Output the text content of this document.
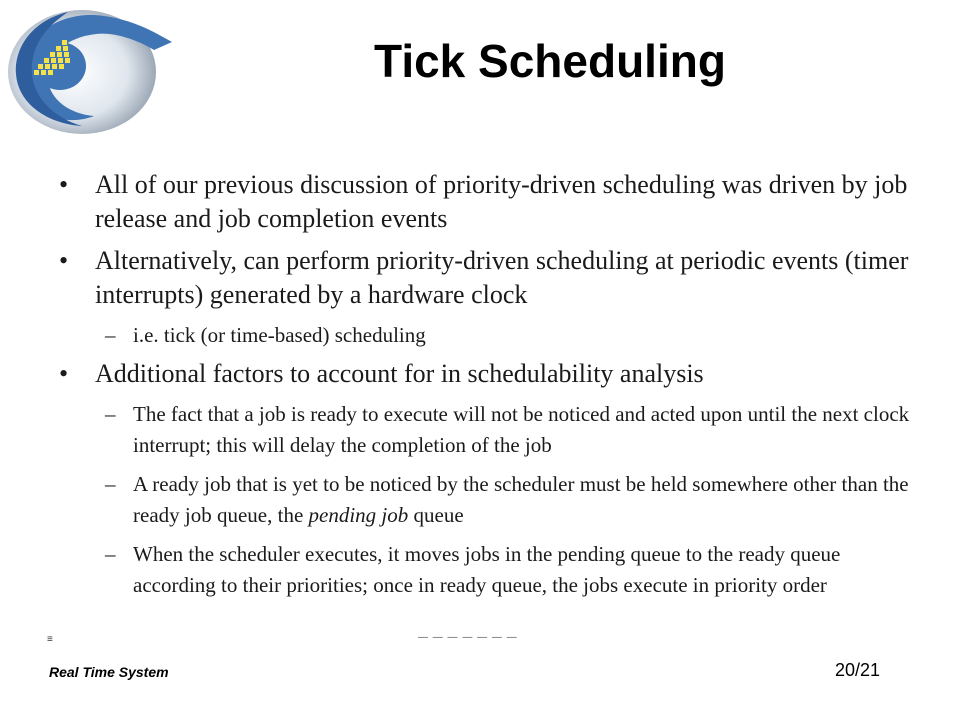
Tick Scheduling
• All of our previous discussion of priority-driven scheduling was driven by job release and job completion events
• Alternatively, can perform priority-driven scheduling at periodic events (timer interrupts) generated by a hardware clock
– i.e. tick (or time-based) scheduling
• Additional factors to account for in schedulability analysis
– The fact that a job is ready to execute will not be noticed and acted upon until the next clock interrupt; this will delay the completion of the job
– A ready job that is yet to be noticed by the scheduler must be held somewhere other than the ready job queue, the pending job queue
– When the scheduler executes, it moves jobs in the pending queue to the ready queue according to their priorities; once in ready queue, the jobs execute in priority order
≡	— — — — — — —
Real Time System	20/21
